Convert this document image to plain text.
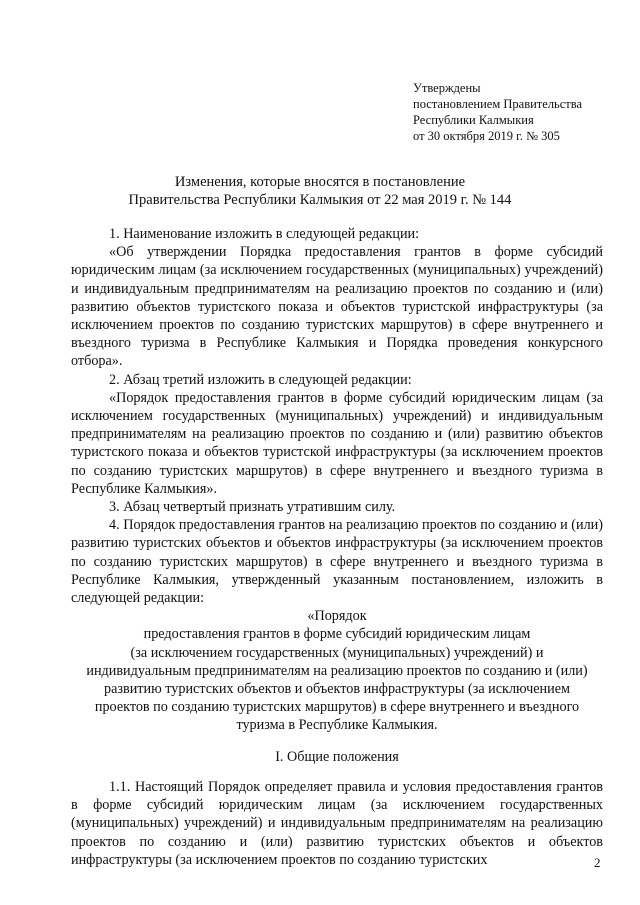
Утверждены
постановлением Правительства
Республики Калмыкия
от 30 октября 2019 г. № 305
Изменения, которые вносятся в постановление
Правительства Республики Калмыкия от 22 мая 2019 г. № 144

1. Наименование изложить в следующей редакции:

«Об утверждении Порядка предоставления грантов в форме субсидий юридическим лицам (за исключением государственных (муниципальных) учреждений) и индивидуальным предпринимателям на реализацию проектов по созданию и (или) развитию объектов туристского показа и объектов туристской инфраструктуры (за исключением проектов по созданию туристских маршрутов) в сфере внутреннего и въездного туризма в Республике Калмыкия и Порядка проведения конкурсного отбора».

2. Абзац третий изложить в следующей редакции:

«Порядок предоставления грантов в форме субсидий юридическим лицам (за исключением государственных (муниципальных) учреждений) и индивидуальным предпринимателям на реализацию проектов по созданию и (или) развитию объектов туристского показа и объектов туристской инфраструктуры (за исключением проектов по созданию туристских маршрутов) в сфере внутреннего и въездного туризма в Республике Калмыкия».

3. Абзац четвертый признать утратившим силу.

4. Порядок предоставления грантов на реализацию проектов по созданию и (или) развитию туристских объектов и объектов инфраструктуры (за исключением проектов по созданию туристских маршрутов) в сфере внутреннего и въездного туризма в Республике Калмыкия, утвержденный указанным постановлением, изложить в следующей редакции:

«Порядок
предоставления грантов в форме субсидий юридическим лицам
(за исключением государственных (муниципальных) учреждений) и
индивидуальным предпринимателям на реализацию проектов по созданию и (или)
развитию туристских объектов и объектов инфраструктуры (за исключением
проектов по созданию туристских маршрутов) в сфере внутреннего и въездного
туризма в Республике Калмыкия.

I. Общие положения

1.1. Настоящий Порядок определяет правила и условия предоставления грантов в форме субсидий юридическим лицам (за исключением государственных (муниципальных) учреждений) и индивидуальным предпринимателям на реализацию проектов по созданию и (или) развитию туристских объектов и объектов инфраструктуры (за исключением проектов по созданию туристских	2
